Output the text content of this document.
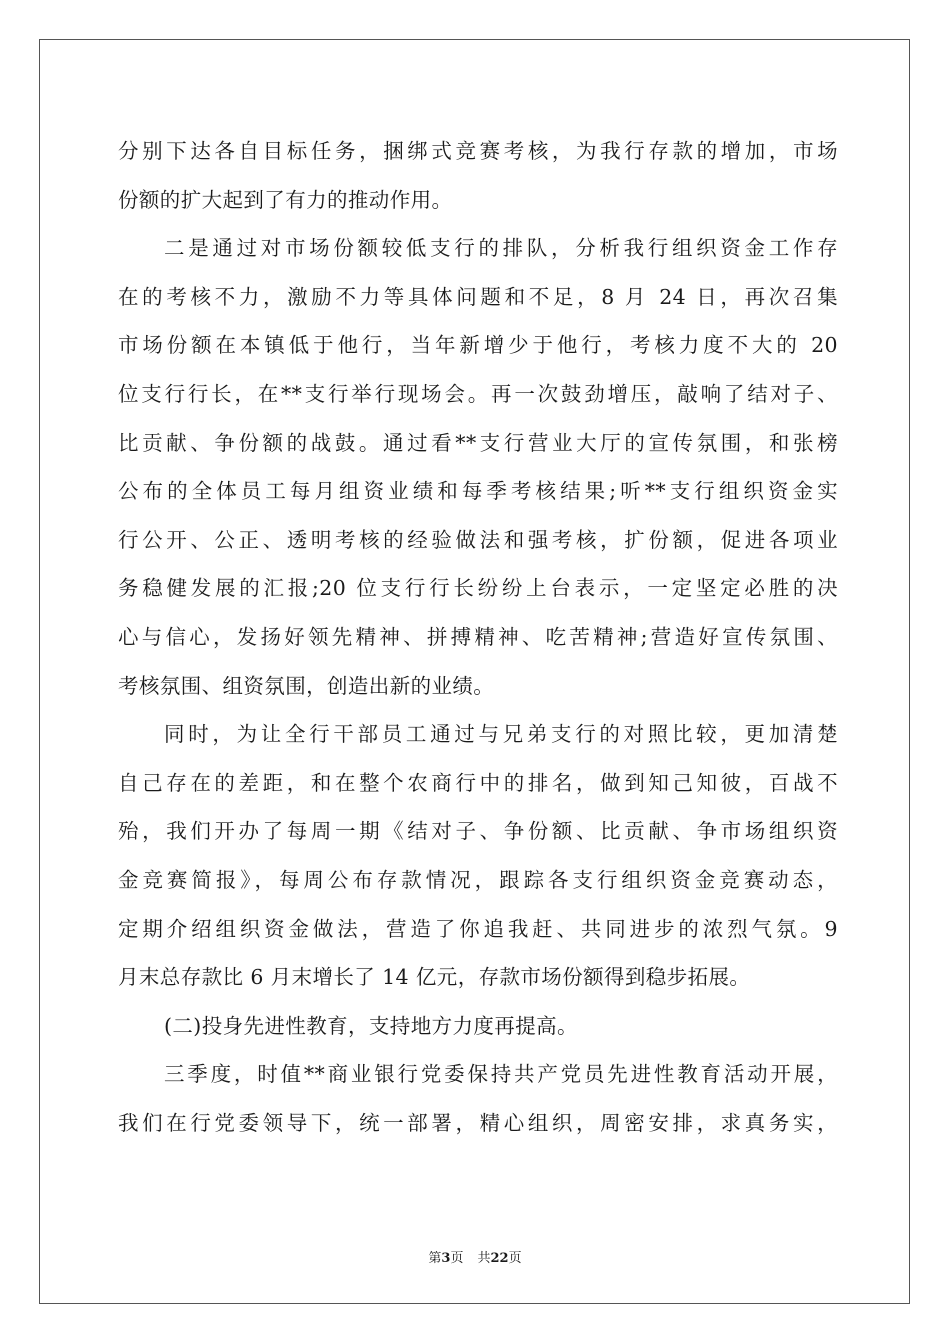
分别下达各自目标任务，捆绑式竞赛考核，为我行存款的增加，市场
份额的扩大起到了有力的推动作用。
二是通过对市场份额较低支行的排队，分析我行组织资金工作存
在的考核不力，激励不力等具体问题和不足，8 月 24 日，再次召集
市场份额在本镇低于他行，当年新增少于他行，考核力度不大的 20
位支行行长，在**支行举行现场会。再一次鼓劲增压，敲响了结对子、
比贡献、争份额的战鼓。通过看**支行营业大厅的宣传氛围，和张榜
公布的全体员工每月组资业绩和每季考核结果;听**支行组织资金实
行公开、公正、透明考核的经验做法和强考核，扩份额，促进各项业
务稳健发展的汇报;20 位支行行长纷纷上台表示，一定坚定必胜的决
心与信心，发扬好领先精神、拼搏精神、吃苦精神;营造好宣传氛围、
考核氛围、组资氛围，创造出新的业绩。
同时，为让全行干部员工通过与兄弟支行的对照比较，更加清楚
自己存在的差距，和在整个农商行中的排名，做到知己知彼，百战不
殆，我们开办了每周一期《结对子、争份额、比贡献、争市场组织资
金竞赛简报》，每周公布存款情况，跟踪各支行组织资金竞赛动态，
定期介绍组织资金做法，营造了你追我赶、共同进步的浓烈气氛。9
月末总存款比 6 月末增长了 14 亿元，存款市场份额得到稳步拓展。
(二)投身先进性教育，支持地方力度再提高。
三季度，时值**商业银行党委保持共产党员先进性教育活动开展，
我们在行党委领导下，统一部署，精心组织，周密安排，求真务实，
第3页 共22页
